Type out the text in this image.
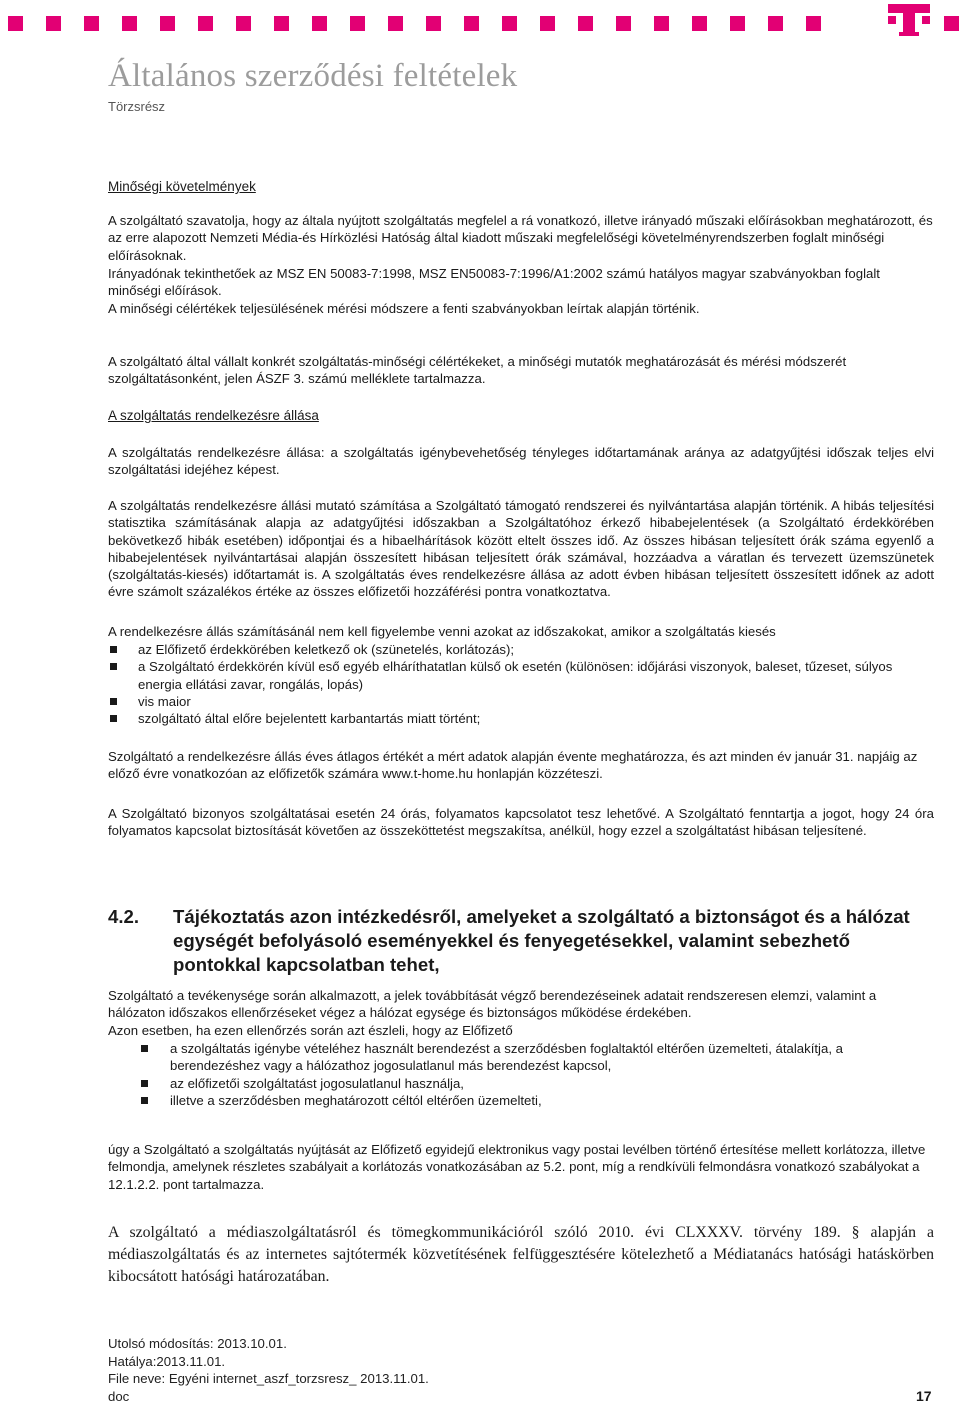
Általános szerződési feltételek

Törzsrész

Minőségi követelmények

A szolgáltató szavatolja, hogy az általa nyújtott szolgáltatás megfelel a rá vonatkozó, illetve irányadó műszaki előírásokban meghatározott, és az erre alapozott Nemzeti Média-és Hírközlési Hatóság által kiadott műszaki megfelelőségi követelményrendszerben foglalt minőségi előírásoknak.

Irányadónak tekinthetőek az MSZ EN 50083-7:1998, MSZ EN50083-7:1996/A1:2002 számú hatályos magyar szabványokban foglalt minőségi előírások.

A minőségi célértékek teljesülésének mérési módszere a fenti szabványokban leírtak alapján történik.

A szolgáltató által vállalt konkrét szolgáltatás-minőségi célértékeket, a minőségi mutatók meghatározását és mérési módszerét szolgáltatásonként, jelen ÁSZF 3. számú melléklete tartalmazza.

A szolgáltatás rendelkezésre állása

A szolgáltatás rendelkezésre állása: a szolgáltatás igénybevehetőség tényleges időtartamának aránya az adatgyűjtési időszak teljes elvi szolgáltatási idejéhez képest.

A szolgáltatás rendelkezésre állási mutató számítása a Szolgáltató támogató rendszerei és nyilvántartása alapján történik. A hibás teljesítési statisztika számításának alapja az adatgyűjtési időszakban a Szolgáltatóhoz érkező hibabejelentések (a Szolgáltató érdekkörében bekövetkező hibák esetében) időpontjai és a hibaelhárítások között eltelt összes idő. Az összes hibásan teljesített órák száma egyenlő a hibabejelentések nyilvántartásai alapján összesített hibásan teljesített órák számával, hozzáadva a váratlan és tervezett üzemszünetek (szolgáltatás-kiesés) időtartamát is. A szolgáltatás éves rendelkezésre állása az adott évben hibásan teljesített összesített időnek az adott évre számolt százalékos értéke az összes előfizetői hozzáférési pontra vonatkoztatva.

A rendelkezésre állás számításánál nem kell figyelembe venni azokat az időszakokat, amikor a szolgáltatás kiesés

az Előfizető érdekkörében keletkező ok (szünetelés, korlátozás);
a Szolgáltató érdekkörén kívül eső egyéb elháríthatatlan külső ok esetén (különösen: időjárási viszonyok, baleset, tűzeset, súlyos energia ellátási zavar, rongálás, lopás)
vis maior
szolgáltató által előre bejelentett karbantartás miatt történt;

Szolgáltató a rendelkezésre állás éves átlagos értékét a mért adatok alapján évente meghatározza, és azt minden év január 31. napjáig az előző évre vonatkozóan az előfizetők számára www.t-home.hu honlapján közzéteszi.

A Szolgáltató bizonyos szolgáltatásai esetén 24 órás, folyamatos kapcsolatot tesz lehetővé. A Szolgáltató fenntartja a jogot, hogy 24 óra folyamatos kapcsolat biztosítását követően az összeköttetést megszakítsa, anélkül, hogy ezzel a szolgáltatást hibásan teljesítené.

4.2. Tájékoztatás azon intézkedésről, amelyeket a szolgáltató a biztonságot és a hálózat egységét befolyásoló eseményekkel és fenyegetésekkel, valamint sebezhető pontokkal kapcsolatban tehet,

Szolgáltató a tevékenysége során alkalmazott, a jelek továbbítását végző berendezéseinek adatait rendszeresen elemzi, valamint a hálózaton időszakos ellenőrzéseket végez a hálózat egysége és biztonságos működése érdekében.

Azon esetben, ha ezen ellenőrzés során azt észleli, hogy az Előfizető

a szolgáltatás igénybe vételéhez használt berendezést a szerződésben foglaltaktól eltérően üzemelteti, átalakítja, a berendezéshez vagy a hálózathoz jogosulatlanul más berendezést kapcsol,
az előfizetői szolgáltatást jogosulatlanul használja,
illetve a szerződésben meghatározott céltól eltérően üzemelteti,

úgy a Szolgáltató a szolgáltatás nyújtását az Előfizető egyidejű elektronikus vagy postai levélben történő értesítése mellett korlátozza, illetve felmondja, amelynek részletes szabályait a korlátozás vonatkozásában az 5.2. pont, míg a rendkívüli felmondásra vonatkozó szabályokat a 12.1.2.2. pont tartalmazza.

A szolgáltató a médiaszolgáltatásról és tömegkommunikációról szóló 2010. évi CLXXXV. törvény 189. § alapján a médiaszolgáltatás és az internetes sajtótermék közvetítésének felfüggesztésére kötelezhető a Médiatanács hatósági hatáskörben kibocsátott hatósági határozatában.

Utolsó módosítás: 2013.10.01.
Hatálya:2013.11.01.
File neve: Egyéni internet_aszf_torzsresz_ 2013.11.01.
doc	17
